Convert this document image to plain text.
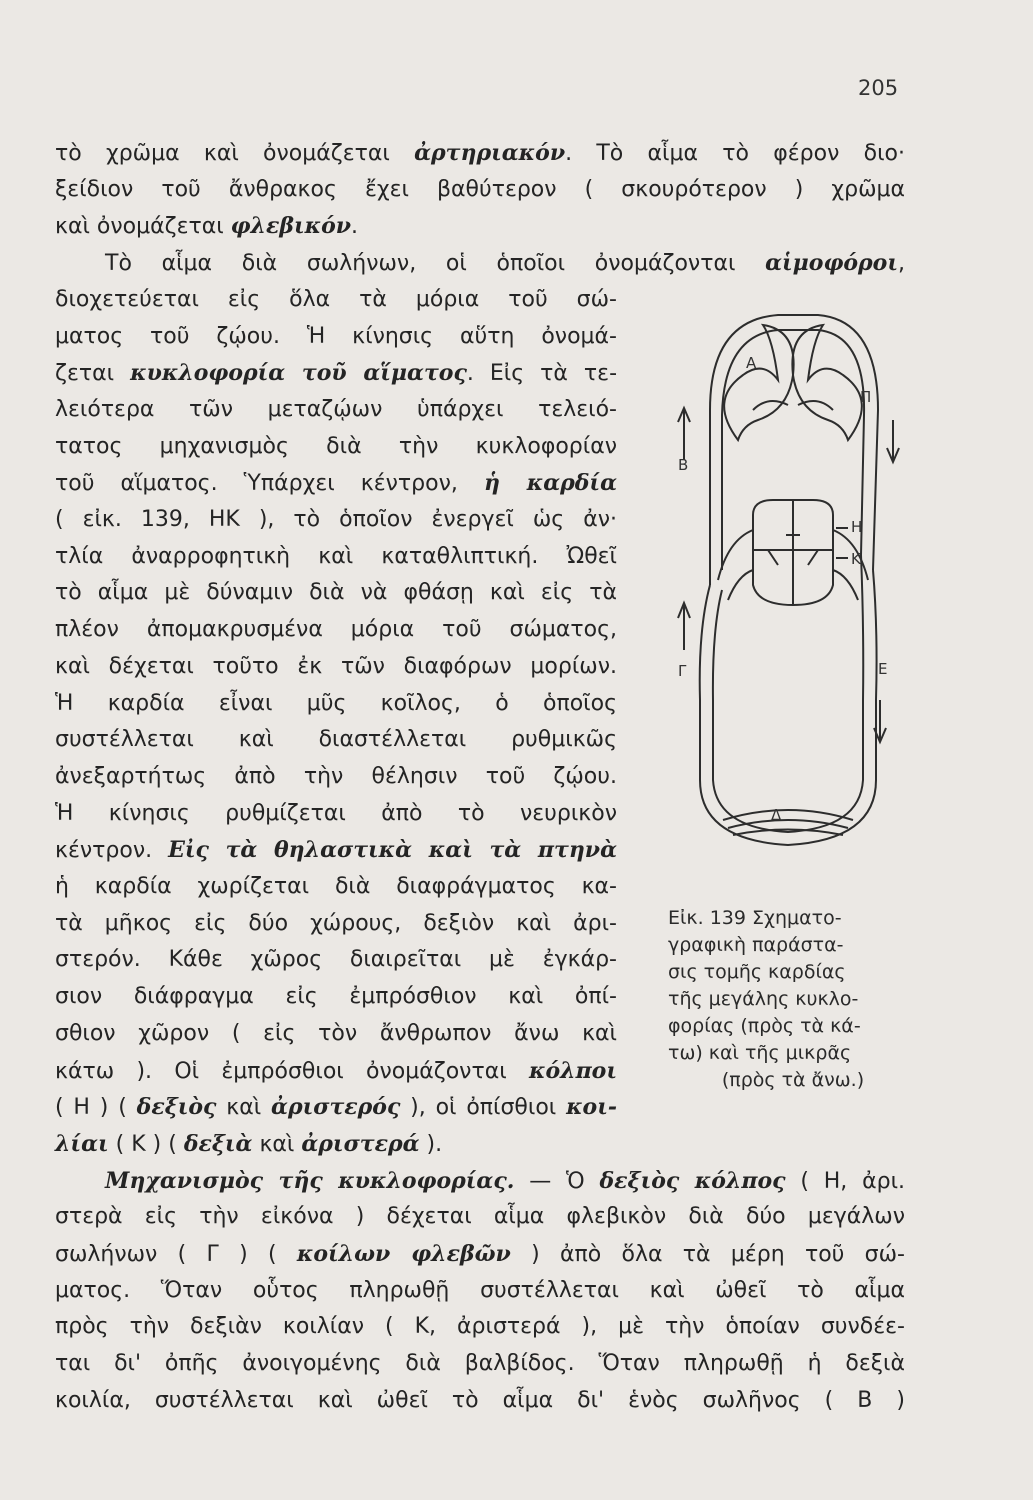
205
τὸ χρῶμα καὶ ὀνομάζεται ἀρτηριακόν. Τὸ αἷμα τὸ φέρον διο·
ξείδιον τοῦ ἄνθρακος ἔχει βαθύτερον ( σκουρότερον ) χρῶμα
καὶ ὀνομάζεται φλεβικόν.
Τὸ αἷμα διὰ σωλήνων, οἱ ὁποῖοι ὀνομάζονται αἱμοφόροι,
διοχετεύεται εἰς ὅλα τὰ μόρια τοῦ σώ-
ματος τοῦ ζῴου. Ἡ κίνησις αὕτη ὀνομά-
ζεται κυκλοφορία τοῦ αἵματος. Εἰς τὰ τε-
λειότερα τῶν μεταζῴων ὑπάρχει τελειό-
τατος μηχανισμὸς διὰ τὴν κυκλοφορίαν
τοῦ αἵματος. Ὑπάρχει κέντρον, ἡ καρδία
( εἰκ. 139, ΗΚ ), τὸ ὁποῖον ἐνεργεῖ ὡς ἀν·
τλία ἀναρροφητικὴ καὶ καταθλιπτική. Ὠθεῖ
τὸ αἷμα μὲ δύναμιν διὰ νὰ φθάσῃ καὶ εἰς τὰ
πλέον ἀπομακρυσμένα μόρια τοῦ σώματος,
καὶ δέχεται τοῦτο ἐκ τῶν διαφόρων μορίων.
Ἡ καρδία εἶναι μῦς κοῖλος, ὁ ὁποῖος
συστέλλεται καὶ διαστέλλεται ρυθμικῶς
ἀνεξαρτήτως ἀπὸ τὴν θέλησιν τοῦ ζῴου.
Ἡ κίνησις ρυθμίζεται ἀπὸ τὸ νευρικὸν
κέντρον. Εἰς τὰ θηλαστικὰ καὶ τὰ πτηνὰ
ἡ καρδία χωρίζεται διὰ διαφράγματος κα-
τὰ μῆκος εἰς δύο χώρους, δεξιὸν καὶ ἀρι-
στερόν. Κάθε χῶρος διαιρεῖται μὲ ἐγκάρ-
σιον διάφραγμα εἰς ἐμπρόσθιον καὶ ὀπί-
σθιον χῶρον ( εἰς τὸν ἄνθρωπον ἄνω καὶ
κάτω ). Οἱ ἐμπρόσθιοι ὀνομάζονται κόλποι
( Η ) ( δεξιὸς καὶ ἀριστερός ), οἱ ὀπίσθιοι κοι-
λίαι ( Κ ) ( δεξιὰ καὶ ἀριστερά ).
Μηχανισμὸς τῆς κυκλοφορίας. — Ὁ δεξιὸς κόλπος ( Η, ἀρι.
στερὰ εἰς τὴν εἰκόνα ) δέχεται αἷμα φλεβικὸν διὰ δύο μεγάλων
σωλήνων ( Γ ) ( κοίλων φλεβῶν ) ἀπὸ ὅλα τὰ μέρη τοῦ σώ-
ματος. Ὅταν οὗτος πληρωθῇ συστέλλεται καὶ ὠθεῖ τὸ αἷμα
πρὸς τὴν δεξιὰν κοιλίαν ( Κ, ἀριστερά ), μὲ τὴν ὁποίαν συνδέε-
ται δι' ὀπῆς ἀνοιγομένης διὰ βαλβίδος. Ὅταν πληρωθῇ ἡ δεξιὰ
κοιλία, συστέλλεται καὶ ὠθεῖ τὸ αἷμα δι' ἑνὸς σωλῆνος ( Β )
Α
Π
Β
Η
Κ
Γ	Ε
Δ
Εἰκ. 139 Σχηματο-
γραφικὴ παράστα-
σις τομῆς καρδίας
τῆς μεγάλης κυκλο-
φορίας (πρὸς τὰ κά-
τω) καὶ τῆς μικρᾶς
(πρὸς τὰ ἄνω.)
